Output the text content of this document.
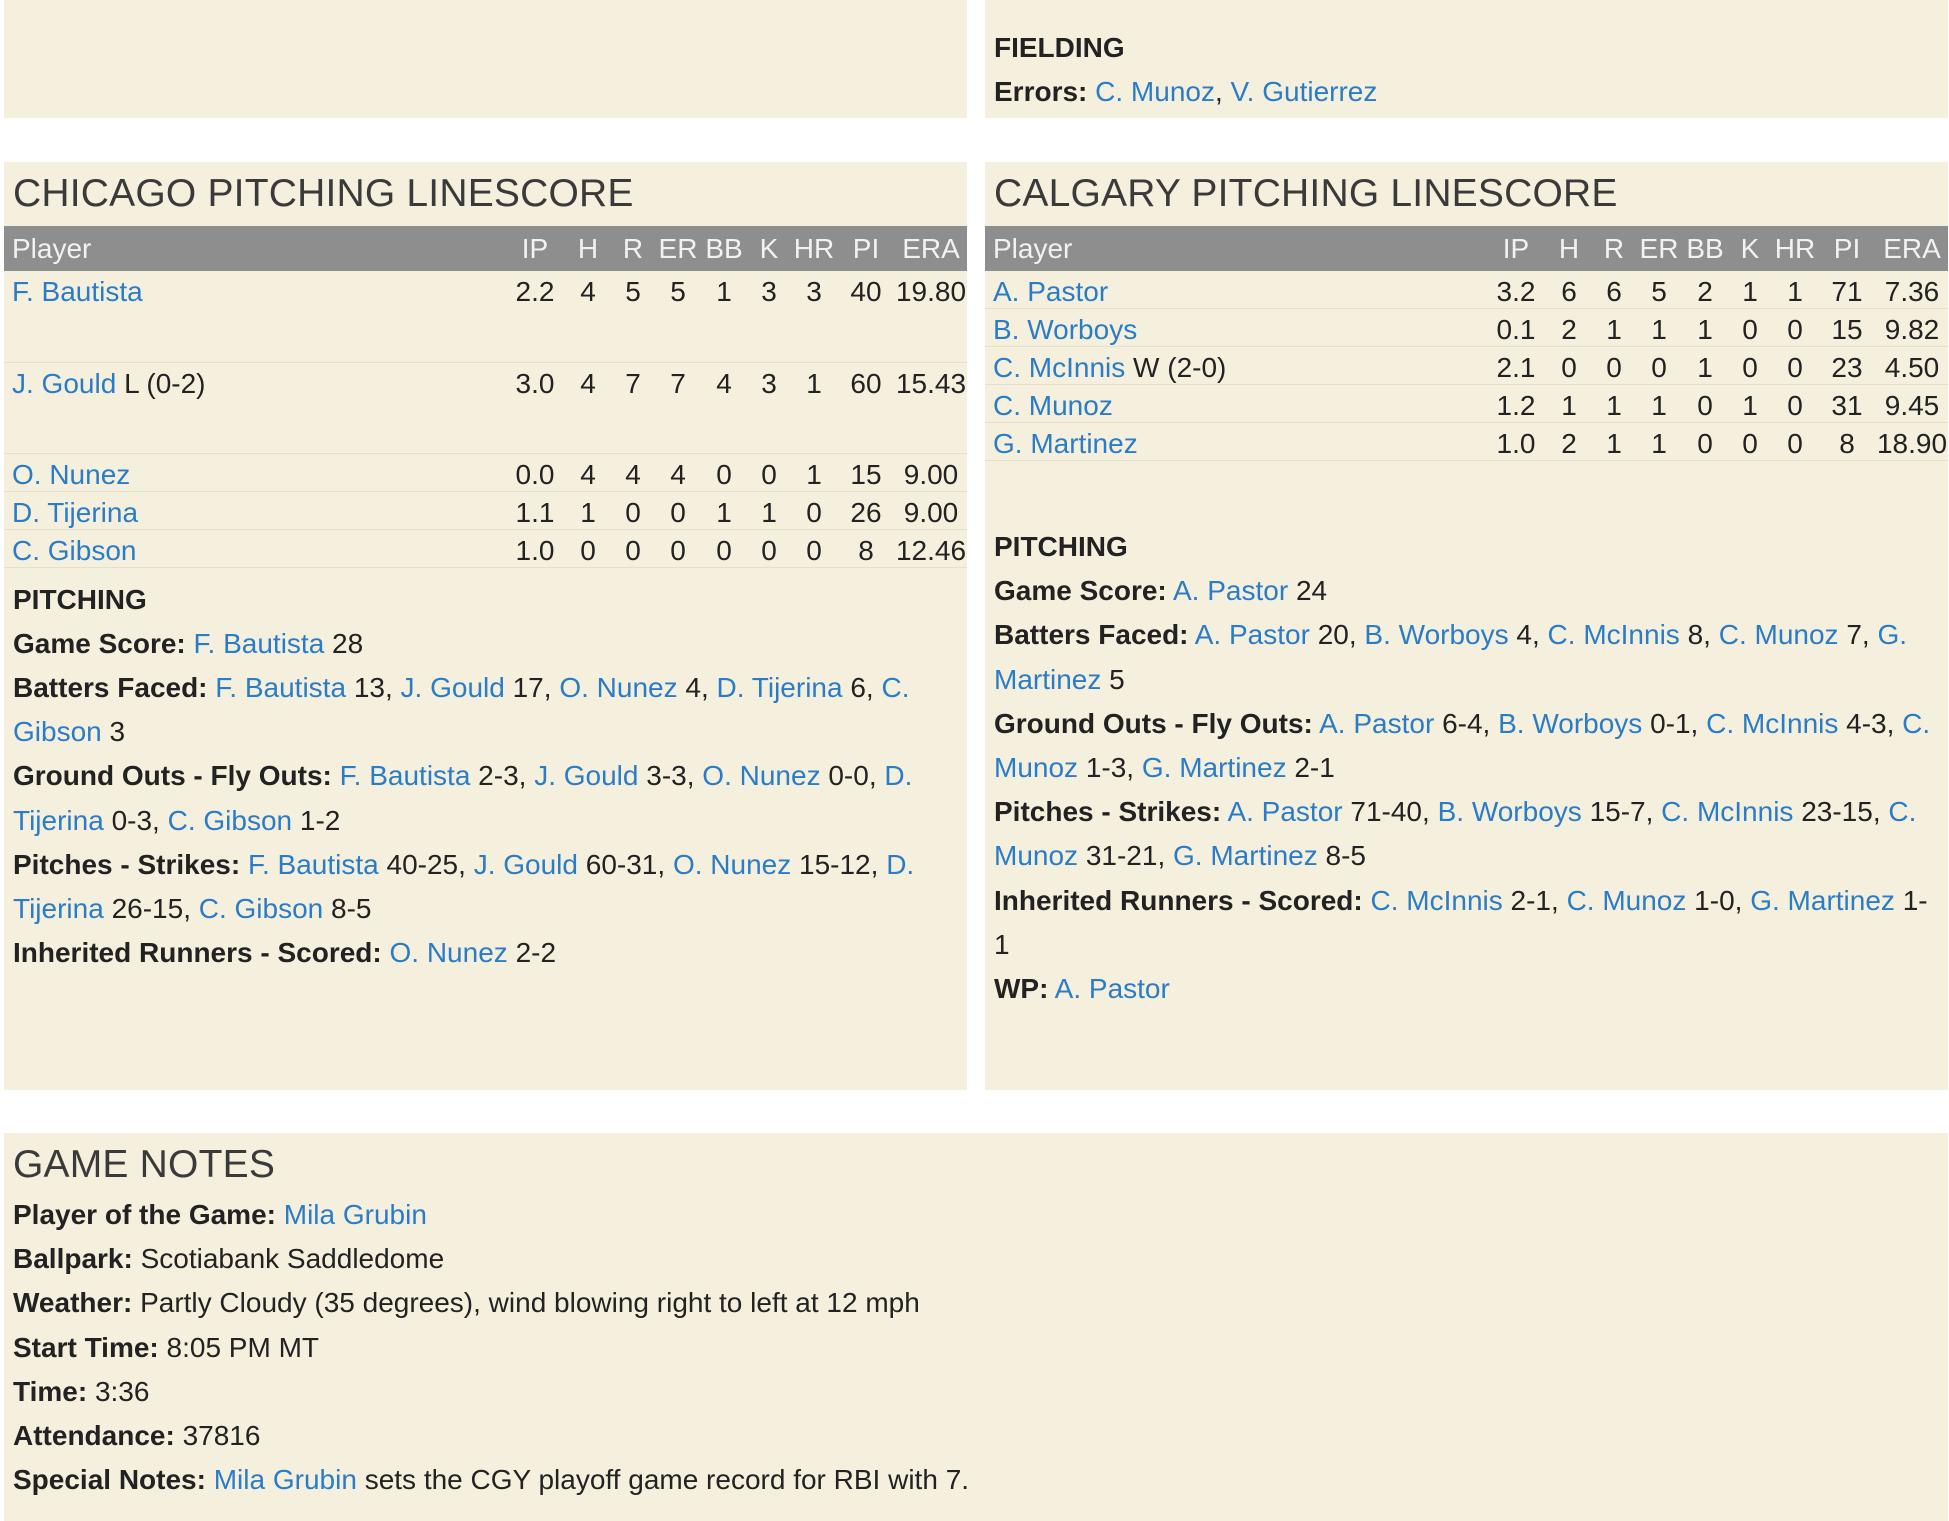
FIELDING
Errors: C. Munoz, V. Gutierrez
CHICAGO PITCHING LINESCORE
Player	IP	H	R	ER	BB	K	HR	PI	ERA
F. Bautista	2.2	4	5	5	1	3	3	40	19.80
J. Gould L (0-2)	3.0	4	7	7	4	3	1	60	15.43
O. Nunez	0.0	4	4	4	0	0	1	15	9.00
D. Tijerina	1.1	1	0	0	1	1	0	26	9.00
C. Gibson	1.0	0	0	0	0	0	0	8	12.46
PITCHING
Game Score: F. Bautista 28
Batters Faced: F. Bautista 13, J. Gould 17, O. Nunez 4, D. Tijerina 6, C. Gibson 3
Ground Outs - Fly Outs: F. Bautista 2-3, J. Gould 3-3, O. Nunez 0-0, D. Tijerina 0-3, C. Gibson 1-2
Pitches - Strikes: F. Bautista 40-25, J. Gould 60-31, O. Nunez 15-12, D. Tijerina 26-15, C. Gibson 8-5
Inherited Runners - Scored: O. Nunez 2-2
CALGARY PITCHING LINESCORE
Player	IP	H	R	ER	BB	K	HR	PI	ERA
A. Pastor	3.2	6	6	5	2	1	1	71	7.36
B. Worboys	0.1	2	1	1	1	0	0	15	9.82
C. McInnis W (2-0)	2.1	0	0	0	1	0	0	23	4.50
C. Munoz	1.2	1	1	1	0	1	0	31	9.45
G. Martinez	1.0	2	1	1	0	0	0	8	18.90
PITCHING
Game Score: A. Pastor 24
Batters Faced: A. Pastor 20, B. Worboys 4, C. McInnis 8, C. Munoz 7, G. Martinez 5
Ground Outs - Fly Outs: A. Pastor 6-4, B. Worboys 0-1, C. McInnis 4-3, C. Munoz 1-3, G. Martinez 2-1
Pitches - Strikes: A. Pastor 71-40, B. Worboys 15-7, C. McInnis 23-15, C. Munoz 31-21, G. Martinez 8-5
Inherited Runners - Scored: C. McInnis 2-1, C. Munoz 1-0, G. Martinez 1-1
WP: A. Pastor
GAME NOTES
Player of the Game: Mila Grubin
Ballpark: Scotiabank Saddledome
Weather: Partly Cloudy (35 degrees), wind blowing right to left at 12 mph
Start Time: 8:05 PM MT
Time: 3:36
Attendance: 37816
Special Notes: Mila Grubin sets the CGY playoff game record for RBI with 7.
